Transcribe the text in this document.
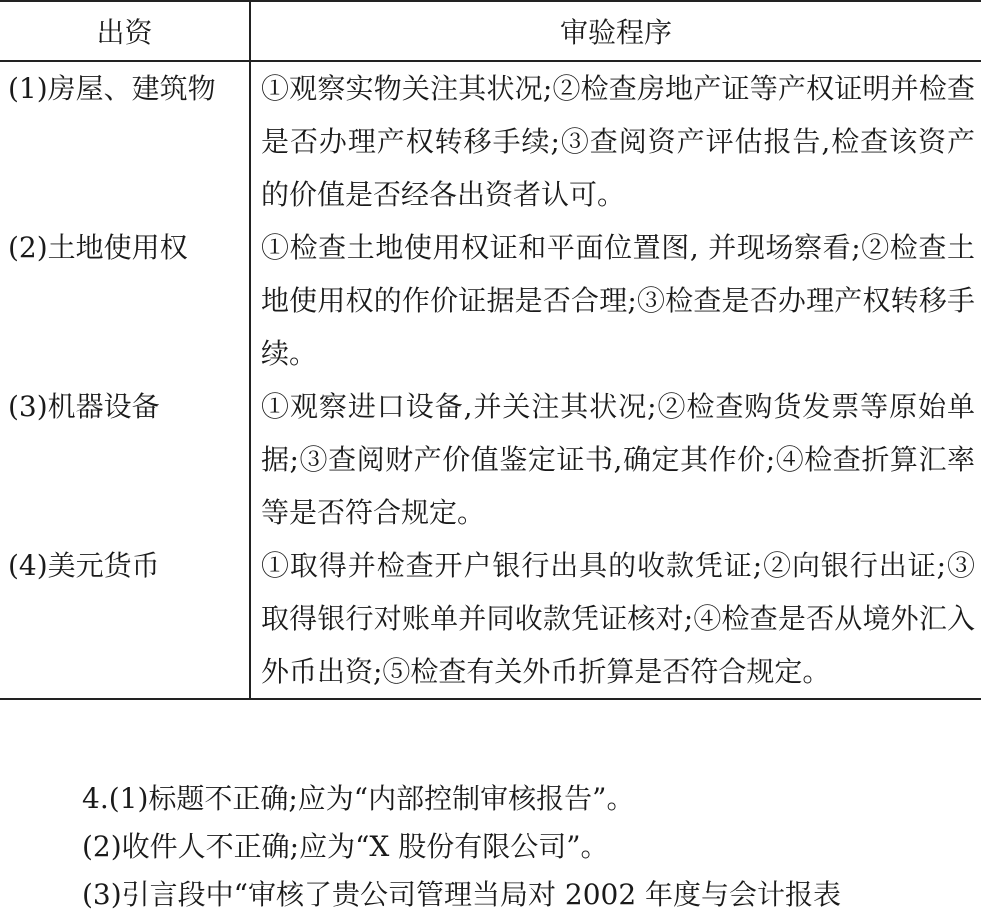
出资	审验程序
(1)房屋、建筑物	①观察实物关注其状况;②检查房地产证等产权证明并检查是否办理产权转移手续;③查阅资产评估报告,检查该资产的价值是否经各出资者认可。
(2)土地使用权	①检查土地使用权证和平面位置图, 并现场察看;②检查土地使用权的作价证据是否合理;③检查是否办理产权转移手续。
(3)机器设备	①观察进口设备,并关注其状况;②检查购货发票等原始单据;③查阅财产价值鉴定证书,确定其作价;④检查折算汇率等是否符合规定。
(4)美元货币	①取得并检查开户银行出具的收款凭证;②向银行出证;③取得银行对账单并同收款凭证核对;④检查是否从境外汇入外币出资;⑤检查有关外币折算是否符合规定。

4.(1)标题不正确;应为“内部控制审核报告”。

(2)收件人不正确;应为“X 股份有限公司”。

(3)引言段中“审核了贵公司管理当局对 2002 年度与会计报表
